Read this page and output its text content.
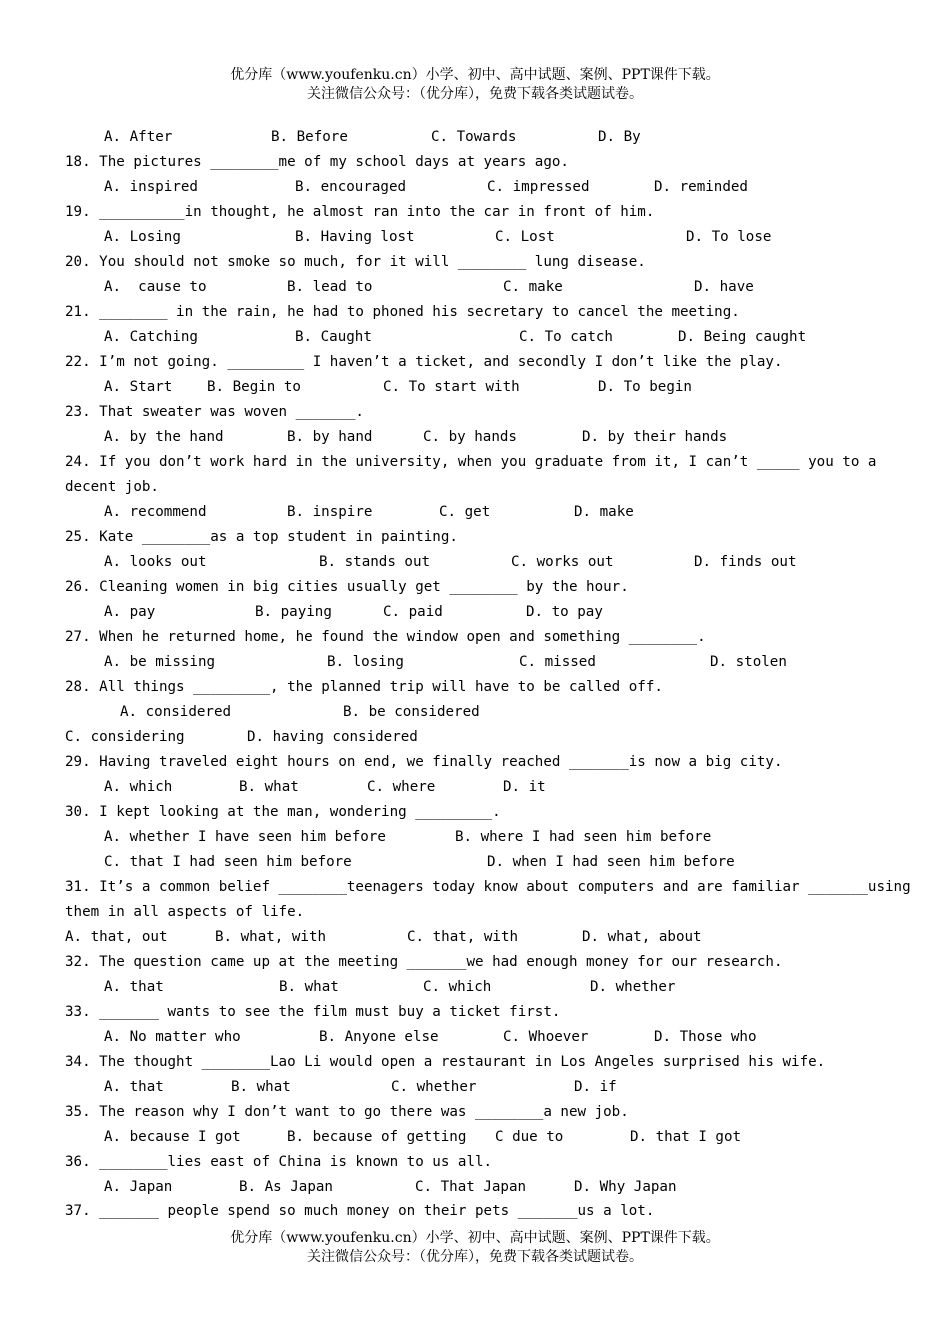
优分库（www.youfenku.cn）小学、初中、高中试题、案例、PPT课件下载。
关注微信公众号：（优分库），免费下载各类试题试卷。
A. After	B. Before	C. Towards	D. By
18. The pictures ________me of my school days at years ago.
A. inspired	B. encouraged	C. impressed	D. reminded
19. __________in thought, he almost ran into the car in front of him.
A. Losing	B. Having lost	C. Lost	D. To lose
20. You should not smoke so much, for it will ________ lung disease.
A.  cause to	B. lead to	C. make	D. have
21. ________ in the rain, he had to phoned his secretary to cancel the meeting.
A. Catching	B. Caught	C. To catch	D. Being caught
22. I’m not going. _________ I haven’t a ticket, and secondly I don’t like the play.
A. Start B. Begin to	C. To start with	D. To begin
23. That sweater was woven _______.
A. by the hand	B. by hand	C. by hands	D. by their hands
24. If you don’t work hard in the university, when you graduate from it, I can’t _____ you to a
decent job.
A. recommend	B. inspire	C. get	D. make
25. Kate ________as a top student in painting.
A. looks out	B. stands out	C. works out	D. finds out
26. Cleaning women in big cities usually get ________ by the hour.
A. pay	B. paying	C. paid	D. to pay
27. When he returned home, he found the window open and something ________.
A. be missing	B. losing	C. missed	D. stolen
28. All things _________, the planned trip will have to be called off.
A. considered	B. be considered
C. considering	D. having considered
29. Having traveled eight hours on end, we finally reached _______is now a big city.
A. which	B. what	C. where	D. it
30. I kept looking at the man, wondering _________.
A. whether I have seen him before	B. where I had seen him before
C. that I had seen him before	D. when I had seen him before
31. It’s a common belief ________teenagers today know about computers and are familiar _______using
them in all aspects of life.
A. that, out	B. what, with	C. that, with	D. what, about
32. The question came up at the meeting _______we had enough money for our research.
A. that	B. what	C. which	D. whether
33. _______ wants to see the film must buy a ticket first.
A. No matter who	B. Anyone else	C. Whoever	D. Those who
34. The thought ________Lao Li would open a restaurant in Los Angeles surprised his wife.
A. that	B. what	C. whether	D. if
35. The reason why I don’t want to go there was ________a new job.
A. because I got	B. because of getting C due to	D. that I got
36. ________lies east of China is known to us all.
A. Japan	B. As Japan	C. That Japan	D. Why Japan
37. _______ people spend so much money on their pets _______us a lot.
优分库（www.youfenku.cn）小学、初中、高中试题、案例、PPT课件下载。
关注微信公众号：（优分库），免费下载各类试题试卷。
